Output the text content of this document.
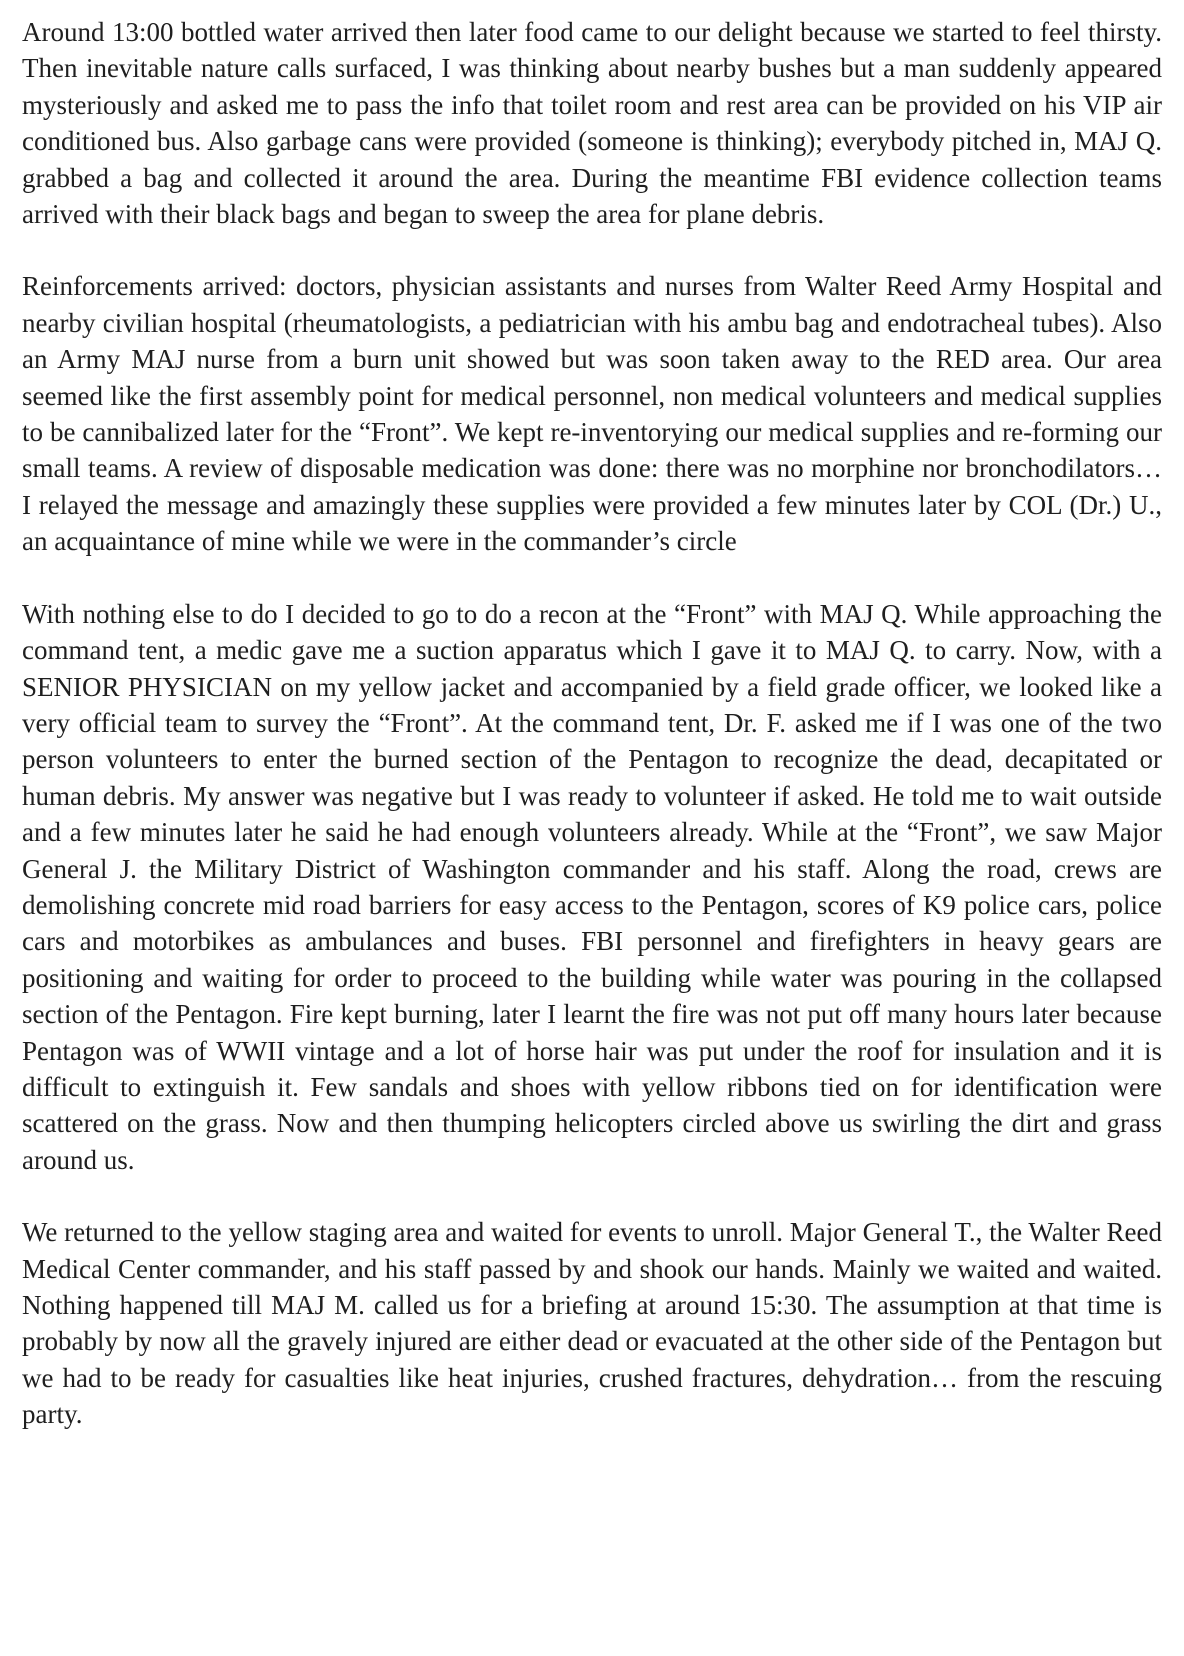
Around 13:00 bottled water arrived then later food came to our delight because we started to feel thirsty. Then inevitable nature calls surfaced, I was thinking about nearby bushes but a man suddenly appeared mysteriously and asked me to pass the info that toilet room and rest area can be provided on his VIP air conditioned bus. Also garbage cans were provided (someone is thinking); everybody pitched in, MAJ Q. grabbed a bag and collected it around the area. During the meantime FBI evidence collection teams arrived with their black bags and began to sweep the area for plane debris.

Reinforcements arrived: doctors, physician assistants and nurses from Walter Reed Army Hospital and nearby civilian hospital (rheumatologists, a pediatrician with his ambu bag and endotracheal tubes). Also an Army MAJ nurse from a burn unit showed but was soon taken away to the RED area. Our area seemed like the first assembly point for medical personnel, non medical volunteers and medical supplies to be cannibalized later for the “Front”. We kept re-inventorying our medical supplies and re-forming our small teams. A review of disposable medication was done: there was no morphine nor bronchodilators… I relayed the message and amazingly these supplies were provided a few minutes later by COL (Dr.) U., an acquaintance of mine while we were in the commander’s circle

With nothing else to do I decided to go to do a recon at the “Front” with MAJ Q. While approaching the command tent, a medic gave me a suction apparatus which I gave it to MAJ Q. to carry. Now, with a SENIOR PHYSICIAN on my yellow jacket and accompanied by a field grade officer, we looked like a very official team to survey the “Front”. At the command tent, Dr. F. asked me if I was one of the two person volunteers to enter the burned section of the Pentagon to recognize the dead, decapitated or human debris. My answer was negative but I was ready to volunteer if asked. He told me to wait outside and a few minutes later he said he had enough volunteers already. While at the “Front”, we saw Major General J. the Military District of Washington commander and his staff. Along the road, crews are demolishing concrete mid road barriers for easy access to the Pentagon, scores of K9 police cars, police cars and motorbikes as ambulances and buses. FBI personnel and firefighters in heavy gears are positioning and waiting for order to proceed to the building while water was pouring in the collapsed section of the Pentagon. Fire kept burning, later I learnt the fire was not put off many hours later because Pentagon was of WWII vintage and a lot of horse hair was put under the roof for insulation and it is difficult to extinguish it. Few sandals and shoes with yellow ribbons tied on for identification were scattered on the grass. Now and then thumping helicopters circled above us swirling the dirt and grass around us.

We returned to the yellow staging area and waited for events to unroll. Major General T., the Walter Reed Medical Center commander, and his staff passed by and shook our hands. Mainly we waited and waited. Nothing happened till MAJ M. called us for a briefing at around 15:30. The assumption at that time is probably by now all the gravely injured are either dead or evacuated at the other side of the Pentagon but we had to be ready for casualties like heat injuries, crushed fractures, dehydration… from the rescuing party.
